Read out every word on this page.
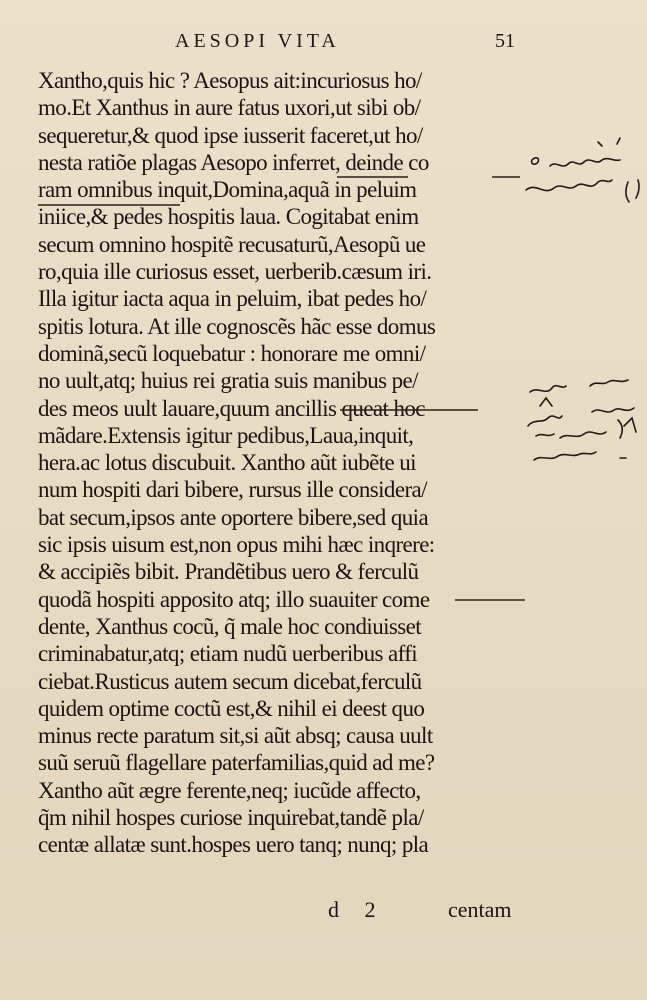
AESOPI VITA	51
Xantho,quis hic ? Aesopus ait:incuriosus ho/
mo.Et Xanthus in aure fatus uxori,ut sibi ob/
sequeretur,& quod ipse iusserit faceret,ut ho/
nesta ratiõe plagas Aesopo inferret, deinde co
ram omnibus inquit,Domina,aquã in peluim
iniice,& pedes hospitis laua. Cogitabat enim
secum omnino hospitẽ recusaturũ,Aesopũ ue
ro,quia ille curiosus esset, uerberib.cæsum iri.
Illa igitur iacta aqua in peluim, ibat pedes ho/
spitis lotura. At ille cognoscẽs hãc esse domus
dominã,secũ loquebatur : honorare me omni/
no uult,atq; huius rei gratia suis manibus pe/
des meos uult lauare,quum ancillis queat hoc
mãdare.Extensis igitur pedibus,Laua,inquit,
hera.ac lotus discubuit. Xantho aũt iubẽte ui
num hospiti dari bibere, rursus ille considera/
bat secum,ipsos ante oportere bibere,sed quia
sic ipsis uisum est,non opus mihi hæc inqrere:
& accipiẽs bibit. Prandẽtibus uero & ferculũ
quodã hospiti apposito atq; illo suauiter come
dente, Xanthus cocũ, q̃ male hoc condiuisset
criminabatur,atq; etiam nudũ uerberibus affi
ciebat.Rusticus autem secum dicebat,ferculũ
quidem optime coctũ est,& nihil ei deest quo
minus recte paratum sit,si aũt absq; causa uult
suũ seruũ flagellare paterfamilias,quid ad me?
Xantho aũt ægre ferente,neq; iucũde affecto,
q̃m nihil hospes curiose inquirebat,tandẽ pla/
centæ allatæ sunt.hospes uero tanq; nunq; pla
d 2	centam
